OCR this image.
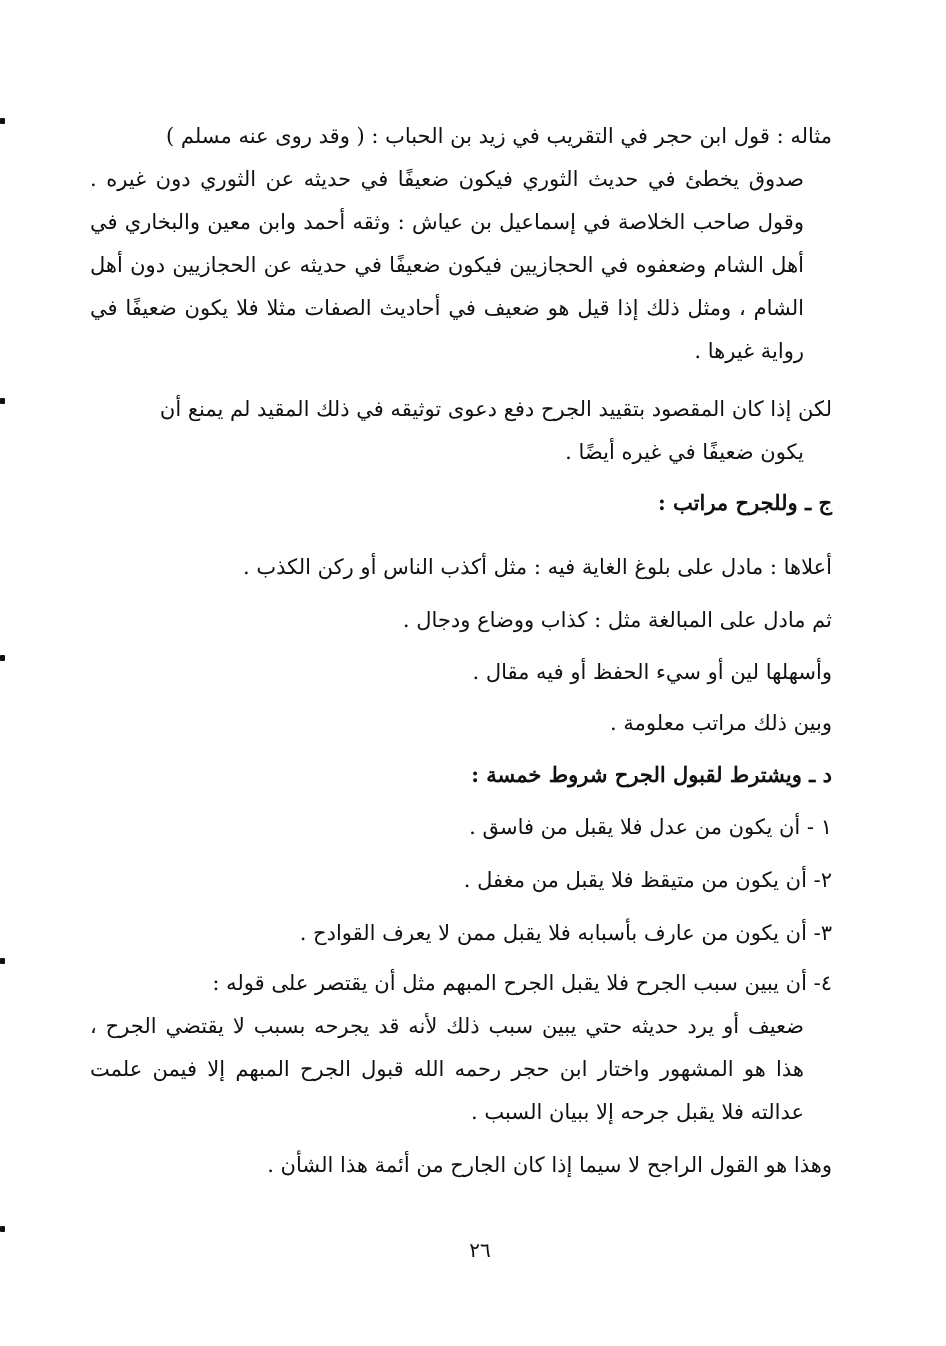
مثاله : قول ابن حجر في التقريب في زيد بن الحباب : ( وقد روى عنه مسلم )
صدوق يخطئ في حديث الثوري فيكون ضعيفًا في حديثه عن الثوري دون غيره . وقول صاحب الخلاصة في إسماعيل بن عياش : وثقه أحمد وابن معين والبخاري في أهل الشام وضعفوه في الحجازيين فيكون ضعيفًا في حديثه عن الحجازيين دون أهل الشام ، ومثل ذلك إذا قيل هو ضعيف في أحاديث الصفات مثلا فلا يكون ضعيفًا في رواية غيرها .
لكن إذا كان المقصود بتقييد الجرح دفع دعوى توثيقه في ذلك المقيد لم يمنع أن
يكون ضعيفًا في غيره أيضًا .
ج ـ وللجرح مراتب :
أعلاها : مادل على بلوغ الغاية فيه : مثل أكذب الناس أو ركن الكذب .
ثم مادل على المبالغة مثل : كذاب ووضاع ودجال .
وأسهلها لين أو سيء الحفظ أو فيه مقال .
وبين ذلك مراتب معلومة .
د ـ ويشترط لقبول الجرح شروط خمسة :
١ - أن يكون من عدل فلا يقبل من فاسق .
٢- أن يكون من متيقظ فلا يقبل من مغفل .
٣- أن يكون من عارف بأسبابه فلا يقبل ممن لا يعرف القوادح .
٤- أن يبين سبب الجرح فلا يقبل الجرح المبهم مثل أن يقتصر على قوله :
ضعيف أو يرد حديثه حتي يبين سبب ذلك لأنه قد يجرحه بسبب لا يقتضي الجرح ، هذا هو المشهور واختار ابن حجر رحمه الله قبول الجرح المبهم إلا فيمن علمت عدالته فلا يقبل جرحه إلا ببيان السبب .
وهذا هو القول الراجح لا سيما إذا كان الجارح من أئمة هذا الشأن .
٢٦
